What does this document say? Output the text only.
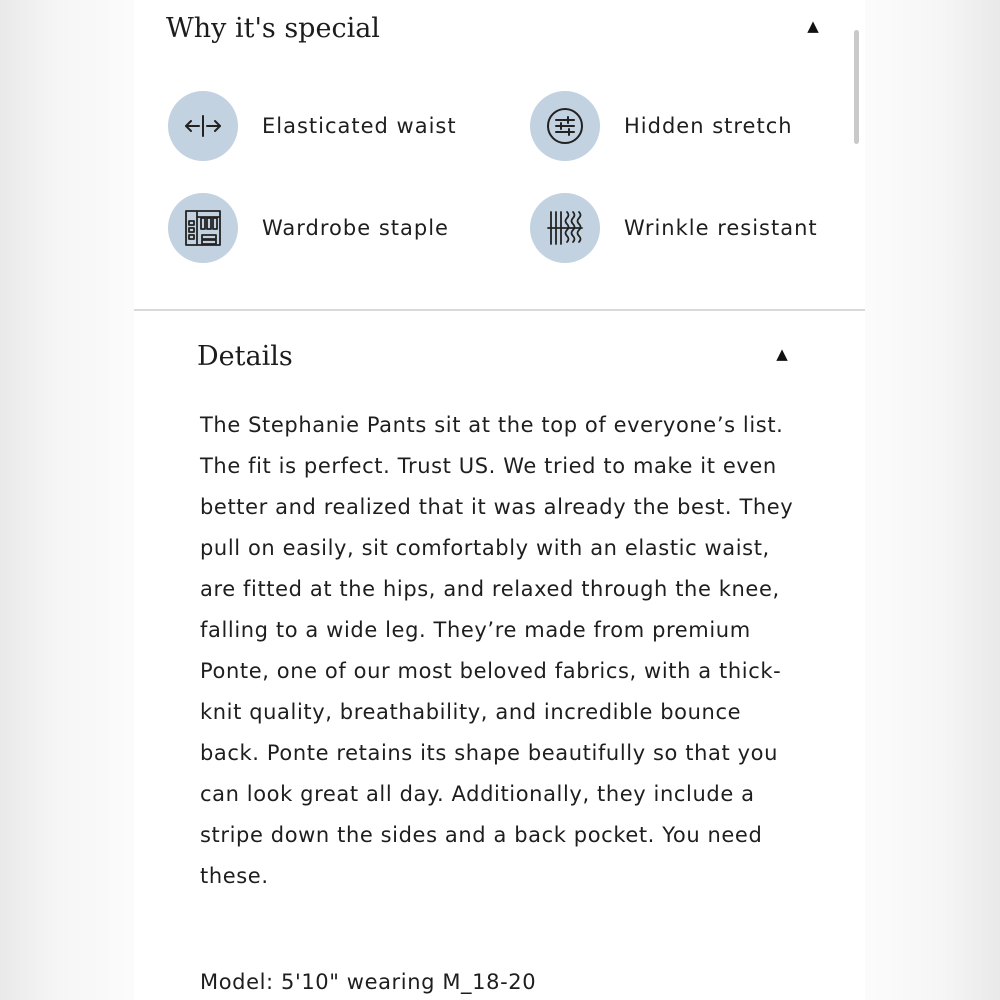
Why it's special	▲
Elasticated waist	Hidden stretch
Wardrobe staple	Wrinkle resistant
Details	▲

The Stephanie Pants sit at the top of everyone’s list. The fit is perfect. Trust US. We tried to make it even better and realized that it was already the best. They pull on easily, sit comfortably with an elastic waist, are fitted at the hips, and relaxed through the knee, falling to a wide leg. They’re made from premium Ponte, one of our most beloved fabrics, with a thick-knit quality, breathability, and incredible bounce back. Ponte retains its shape beautifully so that you can look great all day. Additionally, they include a stripe down the sides and a back pocket. You need these.

Model: 5'10" wearing M_18-20
